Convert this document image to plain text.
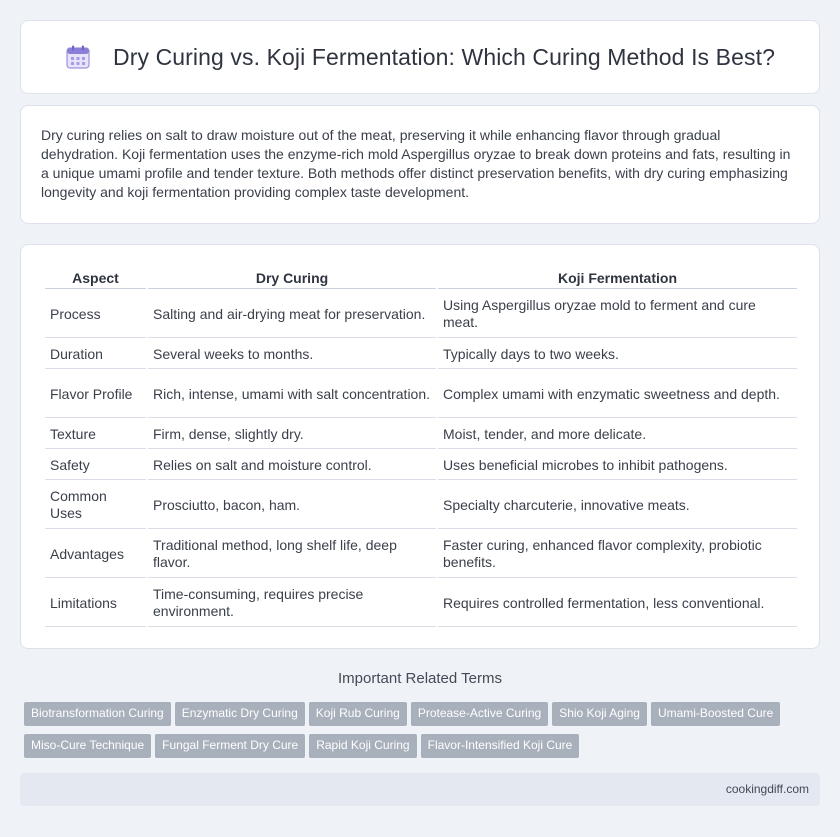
Dry Curing vs. Koji Fermentation: Which Curing Method Is Best?

Dry curing relies on salt to draw moisture out of the meat, preserving it while enhancing flavor through gradual dehydration. Koji fermentation uses the enzyme-rich mold Aspergillus oryzae to break down proteins and fats, resulting in a unique umami profile and tender texture. Both methods offer distinct preservation benefits, with dry curing emphasizing longevity and koji fermentation providing complex taste development.

Aspect	Dry Curing	Koji Fermentation
Process	Salting and air-drying meat for preservation.	Using Aspergillus oryzae mold to ferment and cure meat.
Duration	Several weeks to months.	Typically days to two weeks.
Flavor Profile	Rich, intense, umami with salt concentration.	Complex umami with enzymatic sweetness and depth.
Texture	Firm, dense, slightly dry.	Moist, tender, and more delicate.
Safety	Relies on salt and moisture control.	Uses beneficial microbes to inhibit pathogens.
Common Uses	Prosciutto, bacon, ham.	Specialty charcuterie, innovative meats.
Advantages	Traditional method, long shelf life, deep flavor.	Faster curing, enhanced flavor complexity, probiotic benefits.
Limitations	Time-consuming, requires precise environment.	Requires controlled fermentation, less conventional.
Important Related Terms
Biotransformation Curing Enzymatic Dry Curing Koji Rub Curing Protease-Active Curing Shio Koji Aging Umami-Boosted Cure
Miso-Cure Technique Fungal Ferment Dry Cure Rapid Koji Curing Flavor-Intensified Koji Cure
cookingdiff.com
